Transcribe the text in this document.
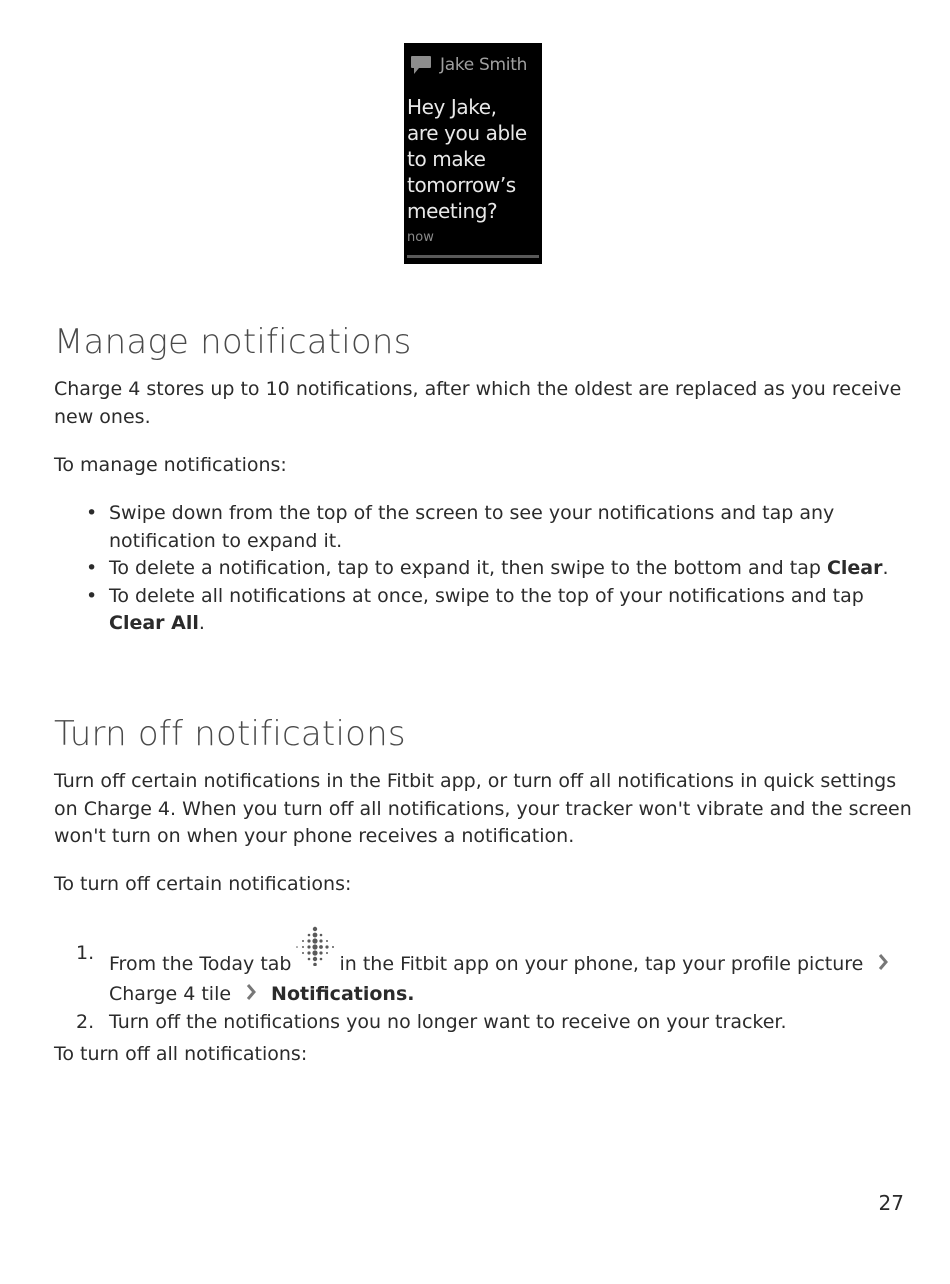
Jake Smith
Hey Jake,
are you able
to make
tomorrow’s
meeting?
now
Manage notifications

Charge 4 stores up to 10 notifications, after which the oldest are replaced as you receive new ones.

To manage notifications:

• Swipe down from the top of the screen to see your notifications and tap any notification to expand it.
• To delete a notification, tap to expand it, then swipe to the bottom and tap Clear.
• To delete all notifications at once, swipe to the top of your notifications and tap Clear All.
Turn off notifications

Turn off certain notifications in the Fitbit app, or turn off all notifications in quick settings on Charge 4. When you turn off all notifications, your tracker won't vibrate and the screen won't turn on when your phone receives a notification.

To turn off certain notifications:

1. From the Today tab	in the Fitbit app on your phone, tap your profile pictureCharge 4 tile Notifications.
2. Turn off the notifications you no longer want to receive on your tracker.

To turn off all notifications:

27
